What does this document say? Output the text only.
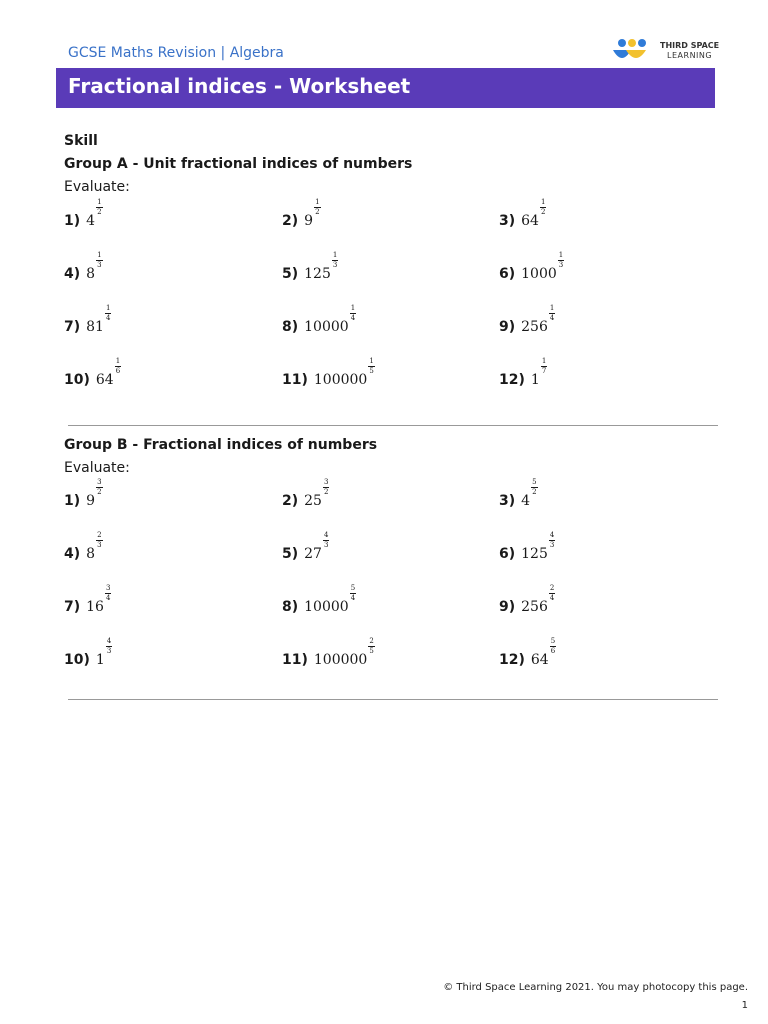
GCSE Maths Revision | Algebra	THIRD SPACE
LEARNING
Fractional indices - Worksheet
Skill
Group A - Unit fractional indices of numbers
Evaluate:
1) 4
$\frac{1}{2}$
2) 9
$\frac{1}{2}$
3) 64
$\frac{1}{2}$
4) 8
$\frac{1}{3}$
5) 125
$\frac{1}{3}$
6) 1000
$\frac{1}{3}$
7) 81
$\frac{1}{4}$
8) 10000
$\frac{1}{4}$
9) 256
$\frac{1}{4}$
10) 64
$\frac{1}{6}$
11) 100000
$\frac{1}{5}$
12) 1
$\frac{1}{7}$
Group B - Fractional indices of numbers
Evaluate:
1) 9
$\frac{3}{2}$
2) 25
$\frac{3}{2}$
3) 4
$\frac{5}{2}$
4) 8
$\frac{2}{3}$
5) 27
$\frac{4}{3}$
6) 125
$\frac{4}{3}$
7) 16
$\frac{3}{4}$
8) 10000
$\frac{5}{4}$
9) 256
$\frac{2}{4}$
10) 1
$\frac{4}{3}$
11) 100000
$\frac{2}{5}$
12) 64
$\frac{5}{6}$
© Third Space Learning 2021. You may photocopy this page.
1
